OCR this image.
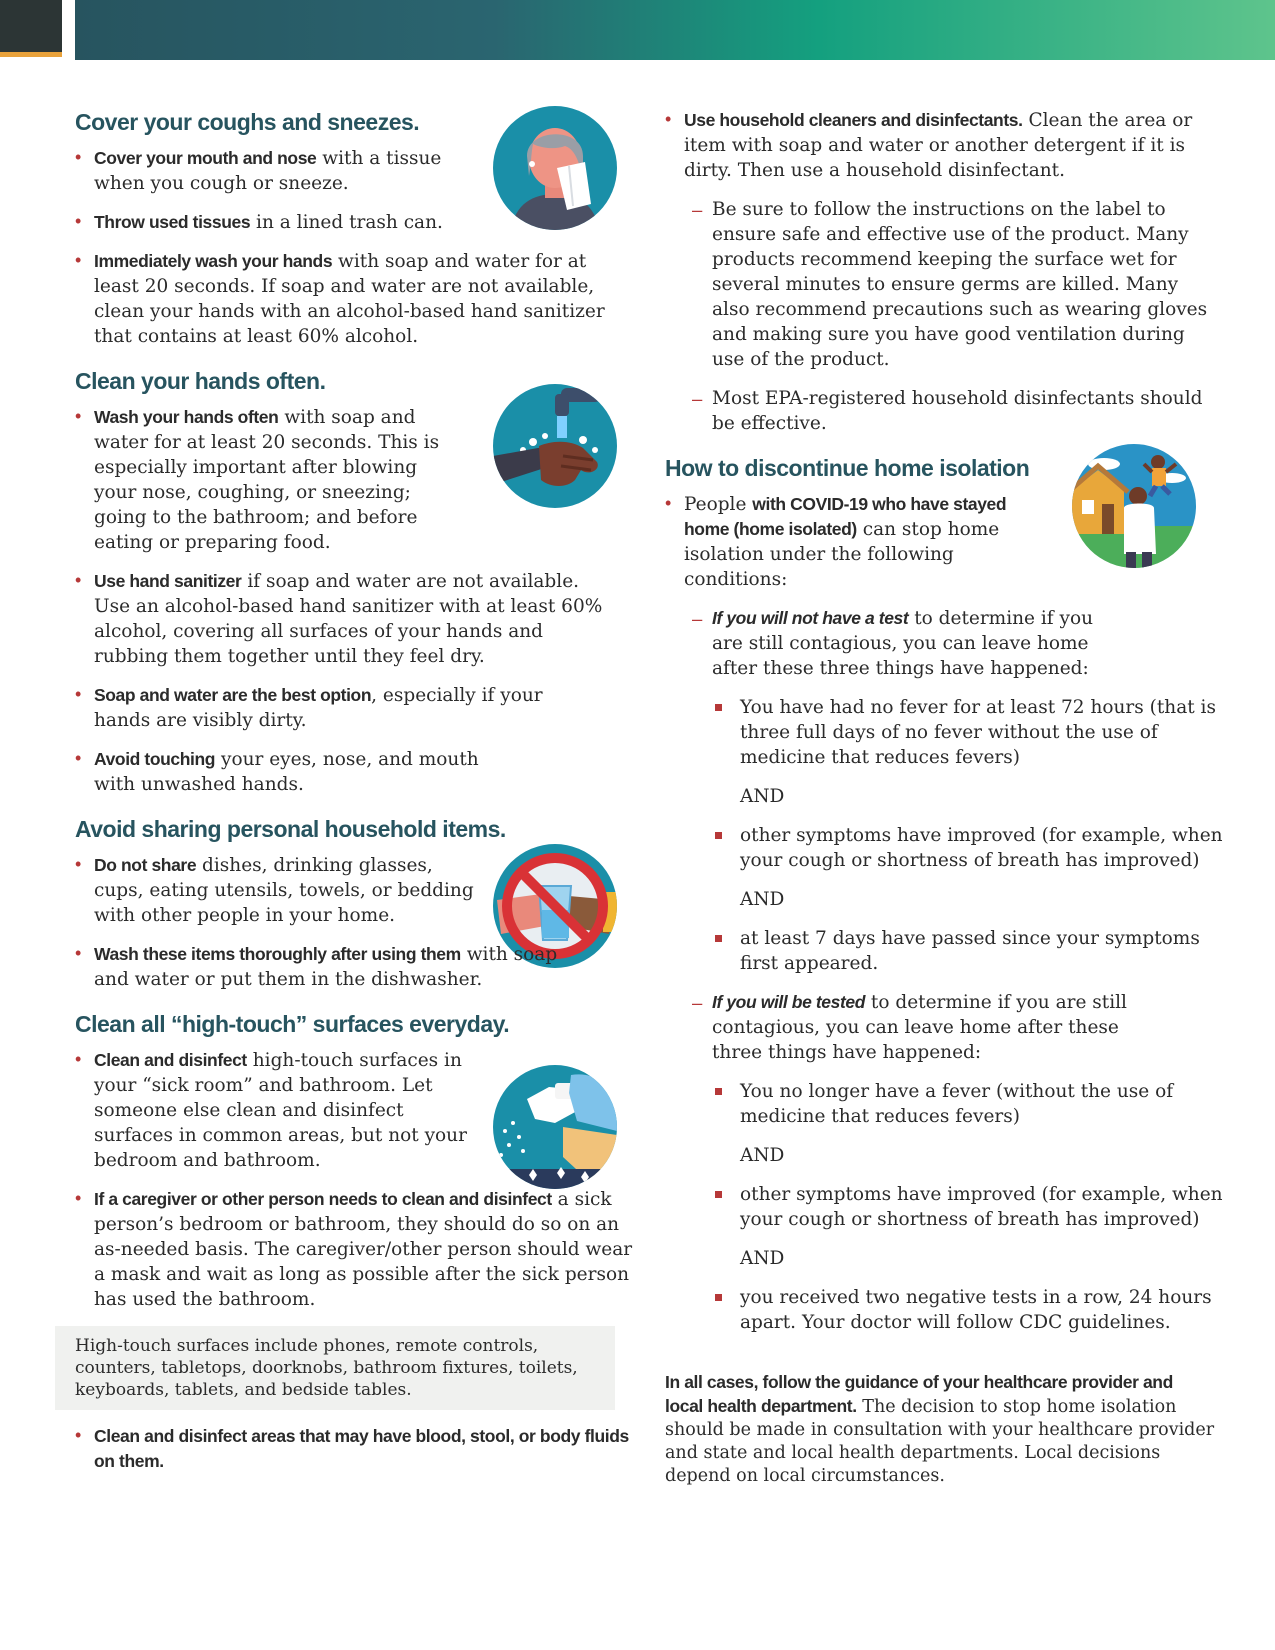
Cover your coughs and sneezes.
• Cover your mouth and nose with a tissue when you cough or sneeze.
• Throw used tissues in a lined trash can.
• Immediately wash your hands with soap and water for at least 20 seconds. If soap and water are not available, clean your hands with an alcohol-based hand sanitizer that contains at least 60% alcohol.
Clean your hands often.
• Wash your hands often with soap and water for at least 20 seconds. This is especially important after blowing your nose, coughing, or sneezing; going to the bathroom; and before eating or preparing food.
• Use hand sanitizer if soap and water are not available. Use an alcohol-based hand sanitizer with at least 60% alcohol, covering all surfaces of your hands and rubbing them together until they feel dry.
• Soap and water are the best option, especially if your hands are visibly dirty.
• Avoid touching your eyes, nose, and mouth with unwashed hands.
Avoid sharing personal household items.
• Do not share dishes, drinking glasses, cups, eating utensils, towels, or bedding with other people in your home.
• Wash these items thoroughly after using them with soap and water or put them in the dishwasher.
Clean all “high-touch” surfaces everyday.
• Clean and disinfect high-touch surfaces in your “sick room” and bathroom. Let someone else clean and disinfect surfaces in common areas, but not your bedroom and bathroom.
• If a caregiver or other person needs to clean and disinfect a sick person’s bedroom or bathroom, they should do so on an as-needed basis. The caregiver/other person should wear a mask and wait as long as possible after the sick person has used the bathroom.
High-touch surfaces include phones, remote controls, counters, tabletops, doorknobs, bathroom fixtures, toilets, keyboards, tablets, and bedside tables.
• Clean and disinfect areas that may have blood, stool, or body fluids on them.
• Use household cleaners and disinfectants. Clean the area or item with soap and water or another detergent if it is dirty. Then use a household disinfectant.
– Be sure to follow the instructions on the label to ensure safe and effective use of the product. Many products recommend keeping the surface wet for several minutes to ensure germs are killed. Many also recommend precautions such as wearing gloves and making sure you have good ventilation during use of the product.
– Most EPA-registered household disinfectants should be effective.
How to discontinue home isolation
• People with COVID-19 who have stayed home (home isolated) can stop home isolation under the following conditions:
– If you will not have a test to determine if you are still contagious, you can leave home after these three things have happened:
You have had no fever for at least 72 hours (that is three full days of no fever without the use of medicine that reduces fevers)
AND
other symptoms have improved (for example, when your cough or shortness of breath has improved)
AND
at least 7 days have passed since your symptoms first appeared.
– If you will be tested to determine if you are still contagious, you can leave home after these three things have happened:
You no longer have a fever (without the use of medicine that reduces fevers)
AND
other symptoms have improved (for example, when your cough or shortness of breath has improved)
AND
you received two negative tests in a row, 24 hours apart. Your doctor will follow CDC guidelines.
In all cases, follow the guidance of your healthcare provider and local health department. The decision to stop home isolation should be made in consultation with your healthcare provider and state and local health departments. Local decisions depend on local circumstances.
